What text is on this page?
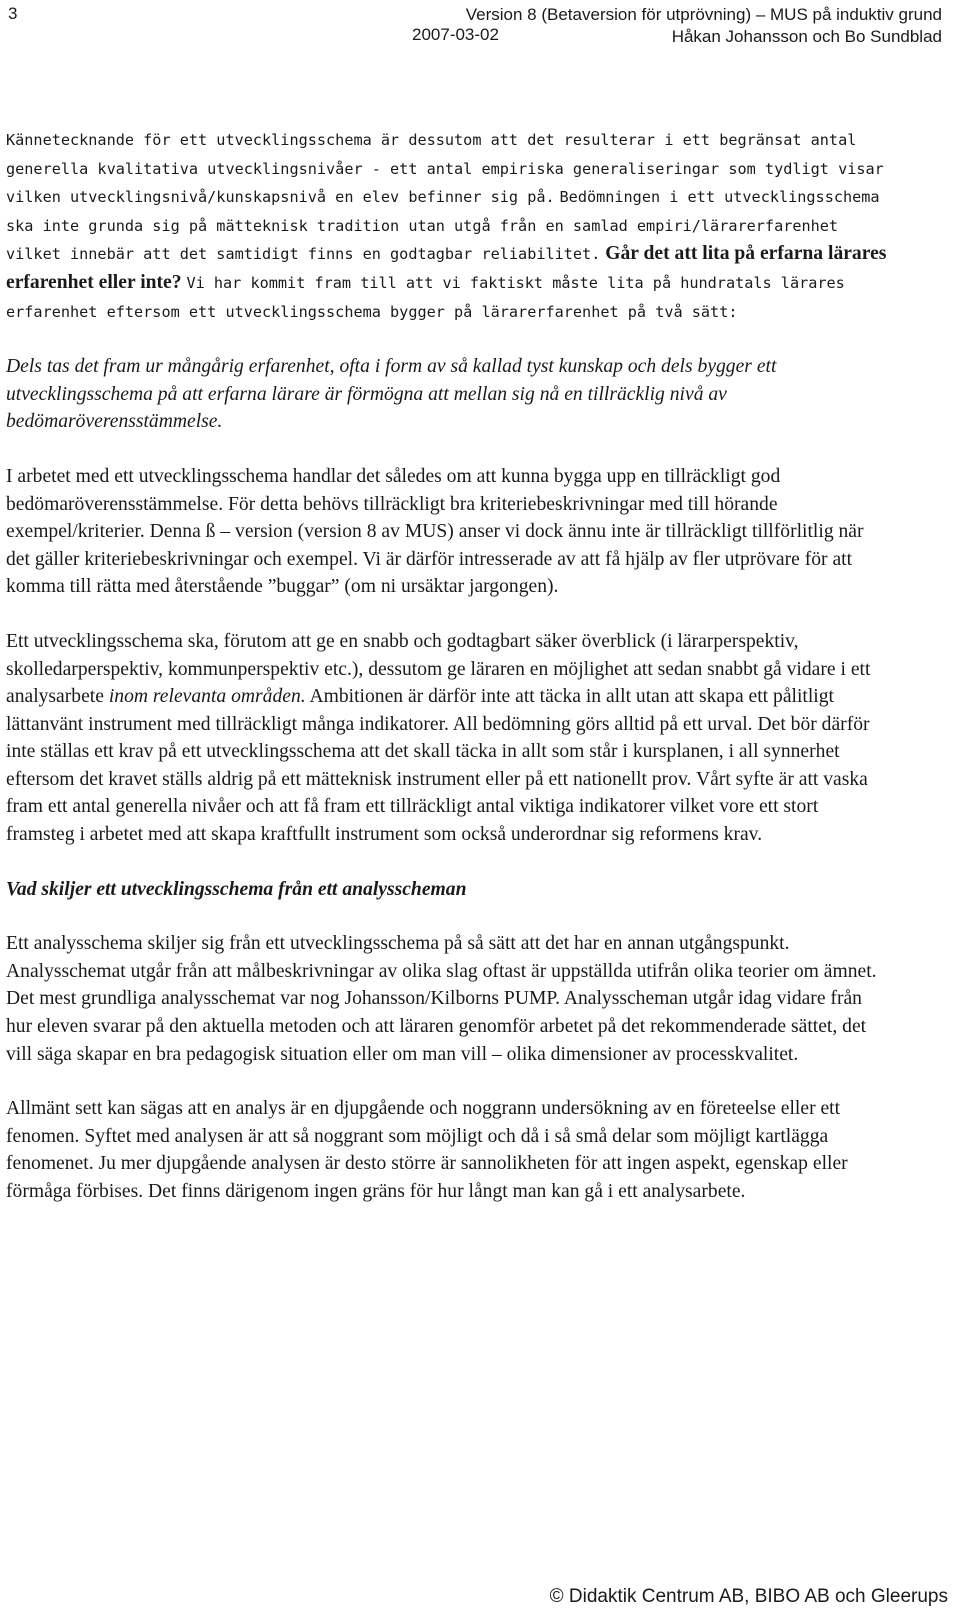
3
2007-03-02
Version 8 (Betaversion för utprövning) – MUS på induktiv grund
Håkan Johansson och Bo Sundblad

Kännetecknande för ett utvecklingsschema är dessutom att det resulterar i ett begränsat antal generella kvalitativa utvecklingsnivåer - ett antal empiriska generaliseringar som tydligt visar vilken utvecklingsnivå/kunskapsnivå en elev befinner sig på. Bedömningen i ett utvecklingsschema ska inte grunda sig på mätteknisk tradition utan utgå från en samlad empiri/lärarerfarenhet vilket innebär att det samtidigt finns en godtagbar reliabilitet. Går det att lita på erfarna lärares erfarenhet eller inte? Vi har kommit fram till att vi faktiskt måste lita på hundratals lärares erfarenhet eftersom ett utvecklingsschema bygger på lärarerfarenhet på två sätt:

Dels tas det fram ur mångårig erfarenhet, ofta i form av så kallad tyst kunskap och dels bygger ett utvecklingsschema på att erfarna lärare är förmögna att mellan sig nå en tillräcklig nivå av bedömaröverensstämmelse.

I arbetet med ett utvecklingsschema handlar det således om att kunna bygga upp en tillräckligt god bedömaröverensstämmelse. För detta behövs tillräckligt bra kriteriebeskrivningar med till hörande exempel/kriterier. Denna ß – version (version 8 av MUS) anser vi dock ännu inte är tillräckligt tillförlitlig när det gäller kriteriebeskrivningar och exempel. Vi är därför intresserade av att få hjälp av fler utprövare för att komma till rätta med återstående ”buggar” (om ni ursäktar jargongen).

Ett utvecklingsschema ska, förutom att ge en snabb och godtagbart säker överblick (i lärarperspektiv, skolledarperspektiv, kommunperspektiv etc.), dessutom ge läraren en möjlighet att sedan snabbt gå vidare i ett analysarbete inom relevanta områden. Ambitionen är därför inte att täcka in allt utan att skapa ett pålitligt lättanvänt instrument med tillräckligt många indikatorer. All bedömning görs alltid på ett urval. Det bör därför inte ställas ett krav på ett utvecklingsschema att det skall täcka in allt som står i kursplanen, i all synnerhet eftersom det kravet ställs aldrig på ett mätteknisk instrument eller på ett nationellt prov. Vårt syfte är att vaska fram ett antal generella nivåer och att få fram ett tillräckligt antal viktiga indikatorer vilket vore ett stort framsteg i arbetet med att skapa kraftfullt instrument som också underordnar sig reformens krav.

Vad skiljer ett utvecklingsschema från ett analysscheman

Ett analysschema skiljer sig från ett utvecklingsschema på så sätt att det har en annan utgångspunkt. Analysschemat utgår från att målbeskrivningar av olika slag oftast är uppställda utifrån olika teorier om ämnet. Det mest grundliga analysschemat var nog Johansson/Kilborns PUMP. Analysscheman utgår idag vidare från hur eleven svarar på den aktuella metoden och att läraren genomför arbetet på det rekommenderade sättet, det vill säga skapar en bra pedagogisk situation eller om man vill – olika dimensioner av processkvalitet.

Allmänt sett kan sägas att en analys är en djupgående och noggrann undersökning av en företeelse eller ett fenomen. Syftet med analysen är att så noggrant som möjligt och då i så små delar som möjligt kartlägga fenomenet. Ju mer djupgående analysen är desto större är sannolikheten för att ingen aspekt, egenskap eller förmåga förbises. Det finns därigenom ingen gräns för hur långt man kan gå i ett analysarbete.

© Didaktik Centrum AB, BIBO AB och Gleerups
